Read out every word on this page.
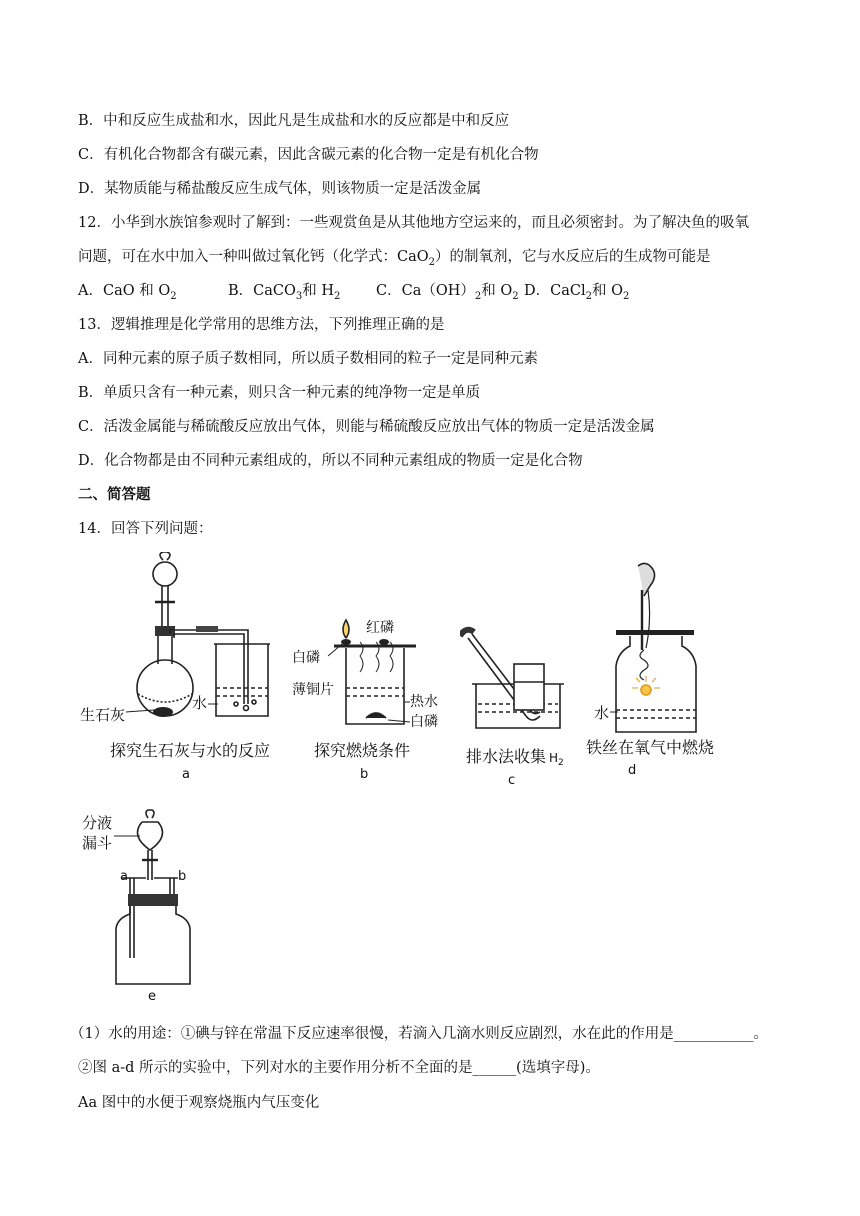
B．中和反应生成盐和水，因此凡是生成盐和水的反应都是中和反应
C．有机化合物都含有碳元素，因此含碳元素的化合物一定是有机化合物
D．某物质能与稀盐酸反应生成气体，则该物质一定是活泼金属
12．小华到水族馆参观时了解到：一些观赏鱼是从其他地方空运来的，而且必须密封。为了解决鱼的吸氧
问题，可在水中加入一种叫做过氧化钙（化学式：CaO$_2$）的制氧剂，它与水反应后的生成物可能是
A．CaO 和 $O_2$	B．CaCO$_3$和 $H_2$ C．$Ca(OH)_2$和 $O_2$ D．CaCl$_2$和 $O_2$
13．逻辑推理是化学常用的思维方法，下列推理正确的是
A．同种元素的原子质子数相同，所以质子数相同的粒子一定是同种元素
B．单质只含有一种元素，则只含一种元素的纯净物一定是单质
C．活泼金属能与稀硫酸反应放出气体，则能与稀硫酸反应放出气体的物质一定是活泼金属
D．化合物都是由不同种元素组成的，所以不同种元素组成的物质一定是化合物
二、简答题
14．回答下列问题：
生石灰
水
探究生石灰与水的反应
a
红磷
白磷
薄铜片
热水
白磷
探究燃烧条件
b
排水法收集 H2
c
水
铁丝在氧气中燃烧
d
分液
漏斗
a	b
e
（1）水的用途：①碘与锌在常温下反应速率很慢，若滴入几滴水则反应剧烈，水在此的作用是___________。
②图 a-d 所示的实验中，下列对水的主要作用分析不全面的是______(选填字母)。
Aa 图中的水便于观察烧瓶内气压变化
